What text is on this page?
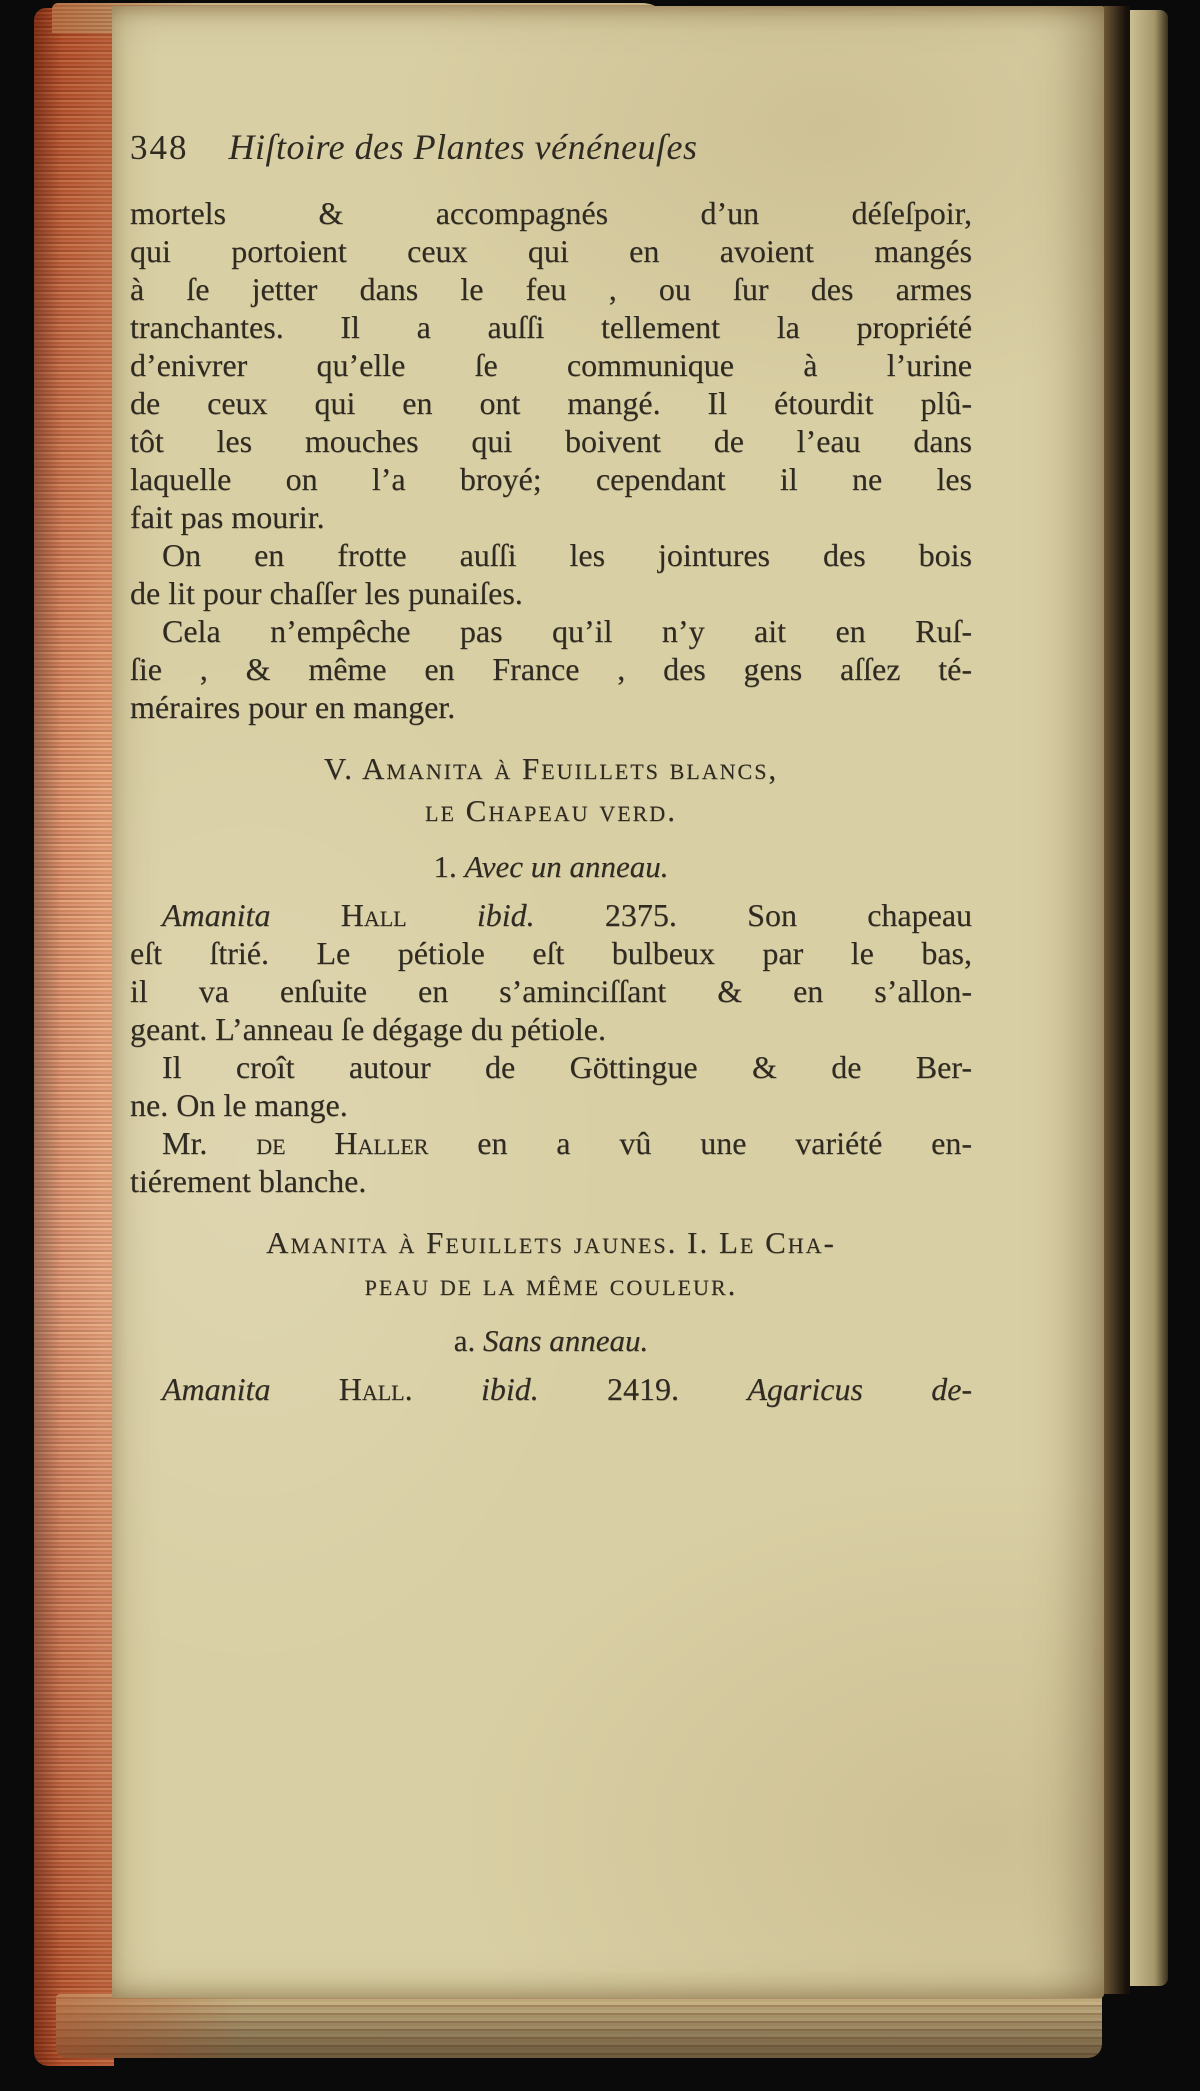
348 Hiſtoire des Plantes vénéneuſes
mortels & accompagnés d’un déſeſpoir,
qui portoient ceux qui en avoient mangés
à ſe jetter dans le feu , ou ſur des armes
tranchantes. Il a auſſi tellement la propriété
d’enivrer qu’elle ſe communique à l’urine
de ceux qui en ont mangé. Il étourdit plû-
tôt les mouches qui boivent de l’eau dans
laquelle on l’a broyé; cependant il ne les
fait pas mourir.
On en frotte auſſi les jointures des bois
de lit pour chaſſer les punaiſes.
Cela n’empêche pas qu’il n’y ait en Ruſ-
ſie , & même en France , des gens aſſez té-
méraires pour en manger.
V. Amanita à Feuillets blancs,
le Chapeau verd.
1. Avec un anneau.
Amanita Hall ibid. 2375. Son chapeau
eſt ſtrié. Le pétiole eſt bulbeux par le bas,
il va enſuite en s’aminciſſant & en s’allon-
geant. L’anneau ſe dégage du pétiole.
Il croît autour de Göttingue & de Ber-
ne. On le mange.
Mr. de Haller en a vû une variété en-
tiérement blanche.
Amanita à Feuillets jaunes. I. Le Cha-
peau de la même couleur.
a. Sans anneau.
Amanita Hall. ibid. 2419. Agaricus de-
